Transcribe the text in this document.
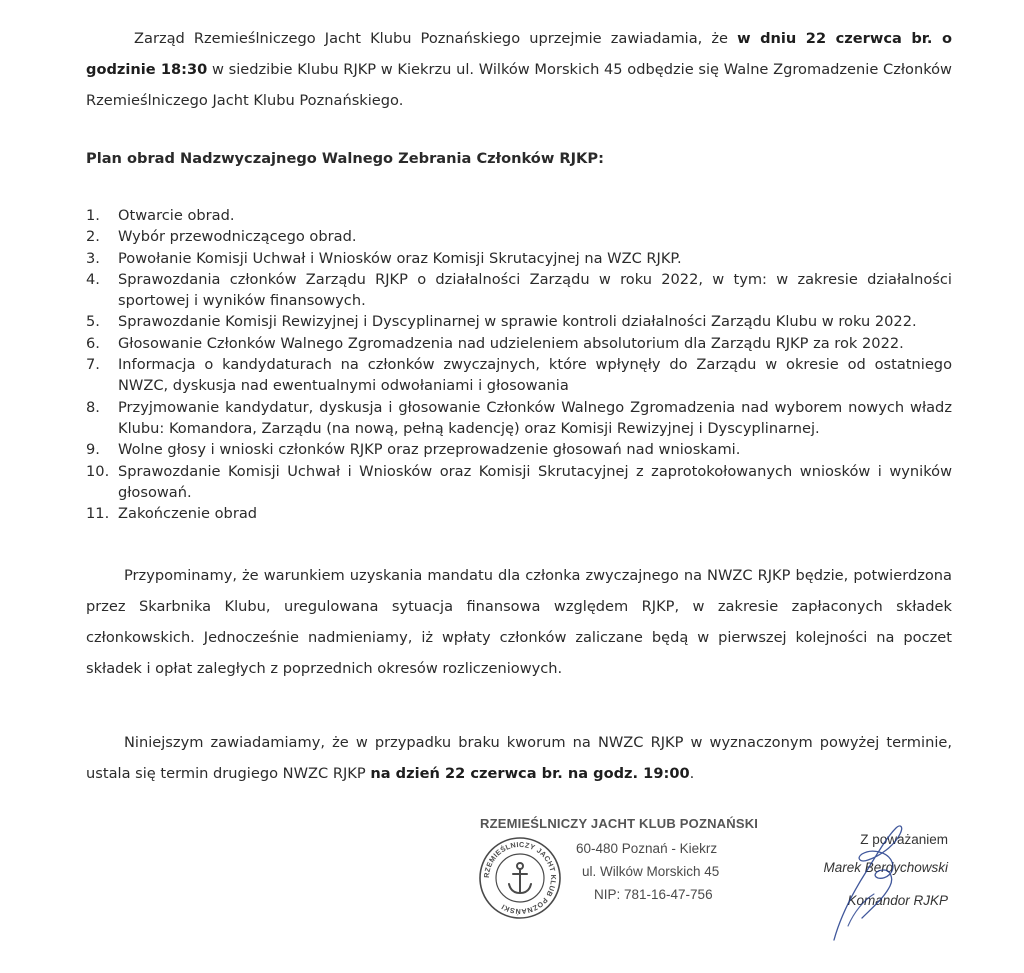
Zarząd Rzemieślniczego Jacht Klubu Poznańskiego uprzejmie zawiadamia, że w dniu 22 czerwca br. o godzinie 18:30 w siedzibie Klubu RJKP w Kiekrzu ul. Wilków Morskich 45 odbędzie się Walne Zgromadzenie Członków Rzemieślniczego Jacht Klubu Poznańskiego.

Plan obrad Nadzwyczajnego Walnego Zebrania Członków RJKP:

1. Otwarcie obrad.
2. Wybór przewodniczącego obrad.
3. Powołanie Komisji Uchwał i Wniosków oraz Komisji Skrutacyjnej na WZC RJKP.
4. Sprawozdania członków Zarządu RJKP o działalności Zarządu w roku 2022, w tym: w zakresie działalności sportowej i wyników finansowych.
5. Sprawozdanie Komisji Rewizyjnej i Dyscyplinarnej w sprawie kontroli działalności Zarządu Klubu w roku 2022.
6. Głosowanie Członków Walnego Zgromadzenia nad udzieleniem absolutorium dla Zarządu RJKP za rok 2022.
7. Informacja o kandydaturach na członków zwyczajnych, które wpłynęły do Zarządu w okresie od ostatniego NWZC, dyskusja nad ewentualnymi odwołaniami i głosowania
8. Przyjmowanie kandydatur, dyskusja i głosowanie Członków Walnego Zgromadzenia nad wyborem nowych władz Klubu: Komandora, Zarządu (na nową, pełną kadencję) oraz Komisji Rewizyjnej i Dyscyplinarnej.
9. Wolne głosy i wnioski członków RJKP oraz przeprowadzenie głosowań nad wnioskami.
10. Sprawozdanie Komisji Uchwał i Wniosków oraz Komisji Skrutacyjnej z zaprotokołowanych wniosków i wyników głosowań.
11. Zakończenie obrad

Przypominamy, że warunkiem uzyskania mandatu dla członka zwyczajnego na NWZC RJKP będzie, potwierdzona przez Skarbnika Klubu, uregulowana sytuacja finansowa względem RJKP, w zakresie zapłaconych składek członkowskich. Jednocześnie nadmieniamy, iż wpłaty członków zaliczane będą w pierwszej kolejności na poczet składek i opłat zaległych z poprzednich okresów rozliczeniowych.

Niniejszym zawiadamiamy, że w przypadku braku kworum na NWZC RJKP w wyznaczonym powyżej terminie, ustala się termin drugiego NWZC RJKP na dzień 22 czerwca br. na godz. 19:00.

RZEMIEŚLNICZY JACHT KLUB POZNAŃSKI
RZEMIEŚLNICZY JACHT KLUB POZNAŃSKI
60-480 Poznań - Kiekrz
ul. Wilków Morskich 45
NIP: 781-16-47-756
Z poważaniem
Marek Berdychowski
Komandor RJKP
